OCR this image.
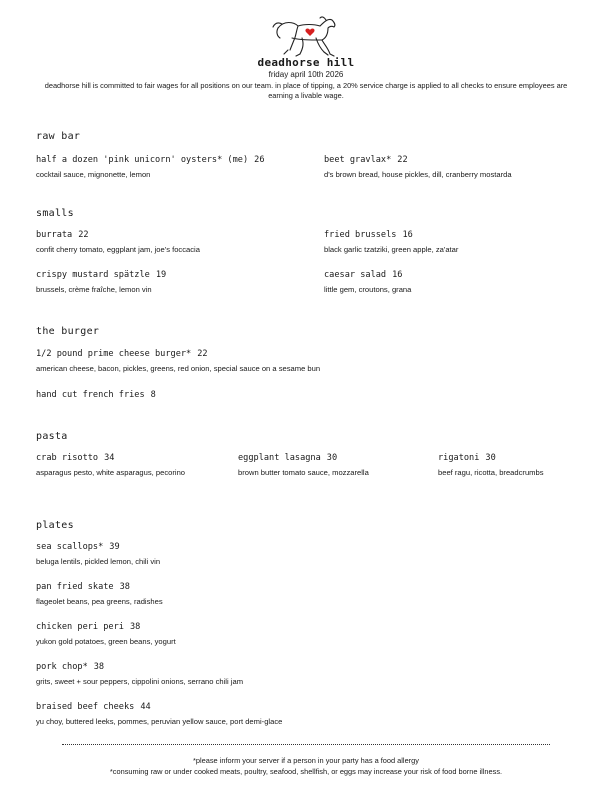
deadhorse hill
friday april 10th 2026
deadhorse hill is committed to fair wages for all positions on our team. in place of tipping, a 20% service charge is applied to all checks to ensure employees are earning a livable wage.
raw bar
half a dozen 'pink unicorn' oysters* (me) 26
cocktail sauce, mignonette, lemon
beet gravlax* 22
d's brown bread, house pickles, dill, cranberry mostarda
smalls
burrata 22
confit cherry tomato, eggplant jam, joe's foccacia
fried brussels 16
black garlic tzatziki, green apple, za'atar
crispy mustard spätzle 19
brussels, crème fraîche, lemon vin
caesar salad 16
little gem, croutons, grana
the burger
1/2 pound prime cheese burger* 22
american cheese, bacon, pickles, greens, red onion, special sauce on a sesame bun
hand cut french fries 8
pasta
crab risotto 34
asparagus pesto, white asparagus, pecorino
eggplant lasagna 30
brown butter tomato sauce, mozzarella
rigatoni 30
beef ragu, ricotta, breadcrumbs
plates
sea scallops* 39
beluga lentils, pickled lemon, chili vin
pan fried skate 38
flageolet beans, pea greens, radishes
chicken peri peri 38
yukon gold potatoes, green beans, yogurt
pork chop* 38
grits, sweet + sour peppers, cippolini onions, serrano chili jam
braised beef cheeks 44
yu choy, buttered leeks, pommes, peruvian yellow sauce, port demi-glace
*please inform your server if a person in your party has a food allergy
*consuming raw or under cooked meats, poultry, seafood, shellfish, or eggs may increase your risk of food borne illness.
